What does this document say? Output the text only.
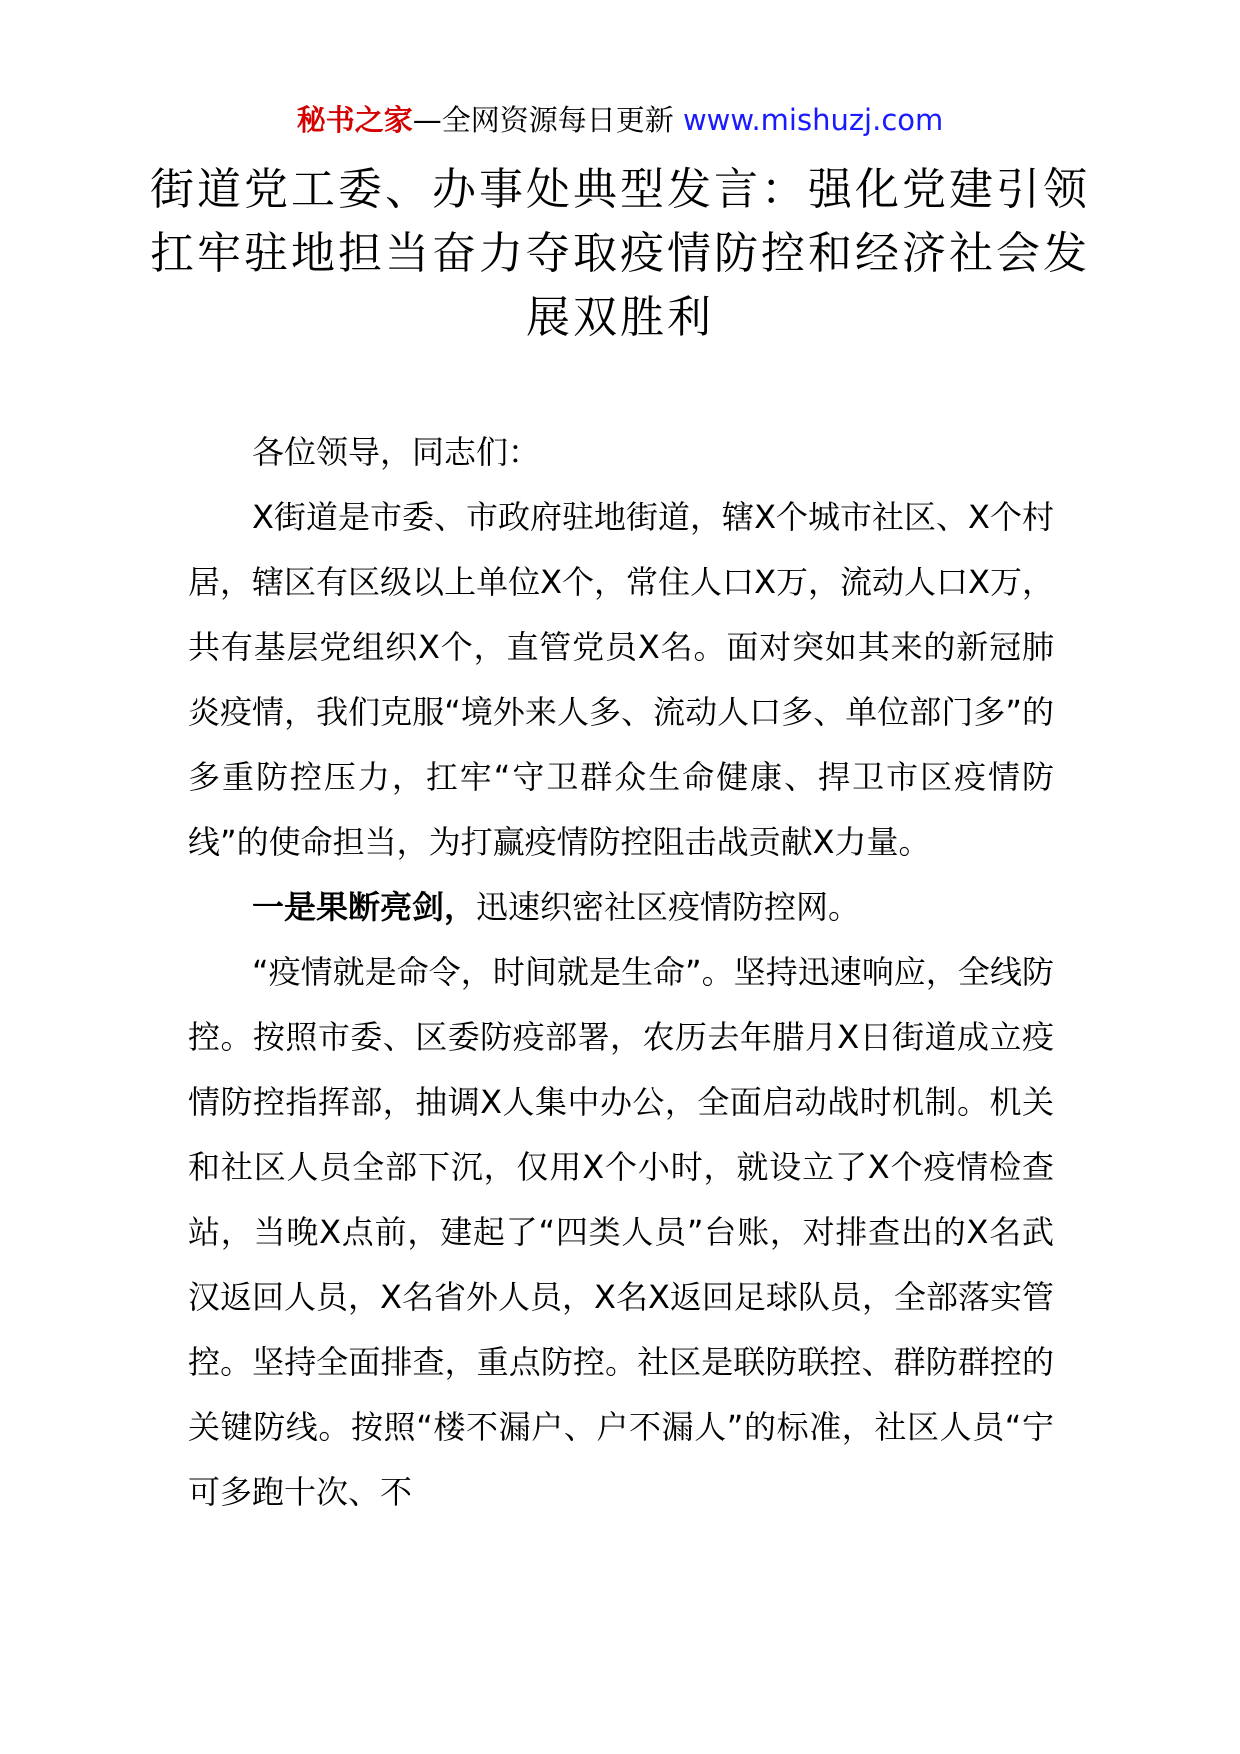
秘书之家—全网资源每日更新 www.mishuzj.com
街道党工委、办事处典型发言：强化党建引领扛牢驻地担当奋力夺取疫情防控和经济社会发展双胜利

各位领导，同志们：

X街道是市委、市政府驻地街道，辖X个城市社区、X个村居，辖区有区级以上单位X个，常住人口X万，流动人口X万，共有基层党组织X个，直管党员X名。面对突如其来的新冠肺炎疫情，我们克服“境外来人多、流动人口多、单位部门多”的多重防控压力，扛牢“守卫群众生命健康、捍卫市区疫情防线”的使命担当，为打赢疫情防控阻击战贡献X力量。

一是果断亮剑，迅速织密社区疫情防控网。

“疫情就是命令，时间就是生命”。坚持迅速响应，全线防控。按照市委、区委防疫部署，农历去年腊月X日街道成立疫情防控指挥部，抽调X人集中办公，全面启动战时机制。机关和社区人员全部下沉，仅用X个小时，就设立了X个疫情检查站，当晚X点前，建起了“四类人员”台账，对排查出的X名武汉返回人员，X名省外人员，X名X返回足球队员，全部落实管控。坚持全面排查，重点防控。社区是联防联控、群防群控的关键防线。按照“楼不漏户、户不漏人”的标准，社区人员“宁可多跑十次、不
